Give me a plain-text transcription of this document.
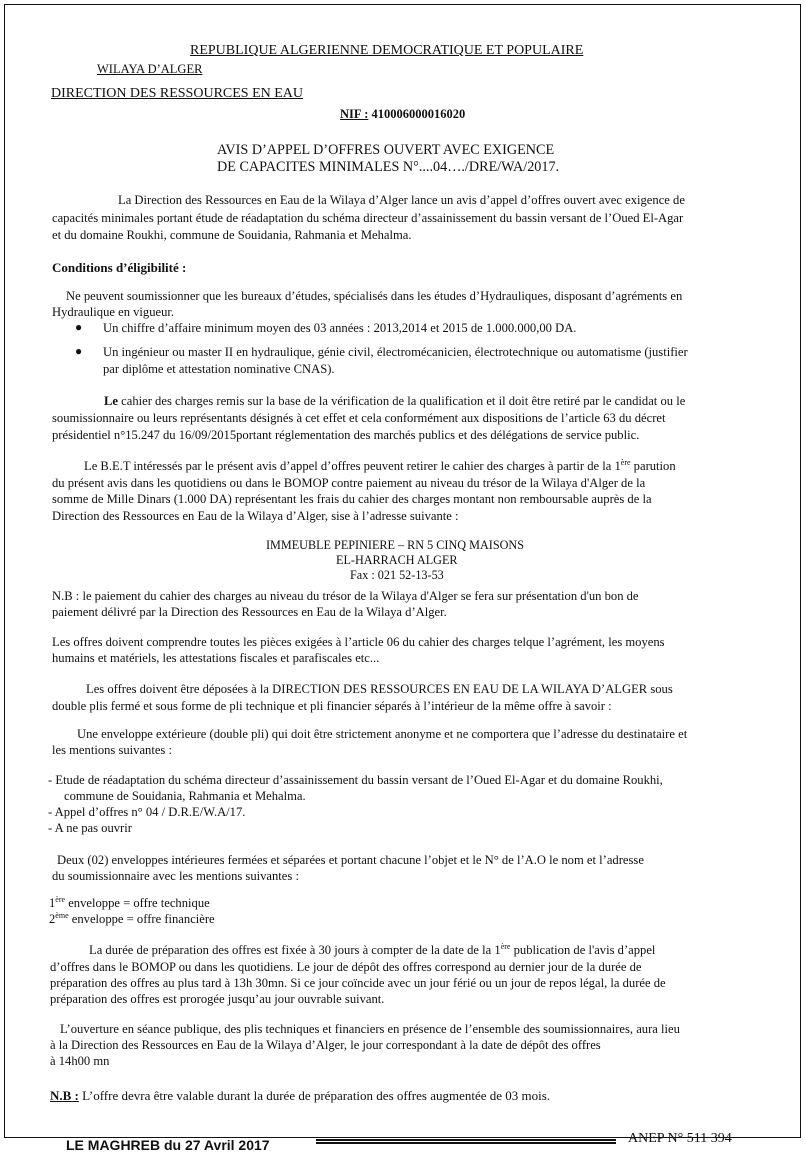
REPUBLIQUE ALGERIENNE DEMOCRATIQUE ET POPULAIRE
WILAYA D’ALGER
DIRECTION DES RESSOURCES EN EAU
NIF : 410006000016020
AVIS D’APPEL D’OFFRES OUVERT AVEC EXIGENCE
DE CAPACITES MINIMALES N°....04…./DRE/WA/2017.
La Direction des Ressources en Eau de la Wilaya d’Alger lance un avis d’appel d’offres ouvert avec exigence de
capacités minimales portant étude de réadaptation du schéma directeur d’assainissement du bassin versant de l’Oued El-Agar
et du domaine Roukhi, commune de Souidania, Rahmania et Mehalma.
Conditions d’éligibilité :
Ne peuvent soumissionner que les bureaux d’études, spécialisés dans les études d’Hydrauliques, disposant d’agréments en
Hydraulique en vigueur.
● Un chiffre d’affaire minimum moyen des 03 années : 2013,2014 et 2015 de 1.000.000,00 DA.
● Un ingénieur ou master II en hydraulique, génie civil, électromécanicien, électrotechnique ou automatisme (justifier
par diplôme et attestation nominative CNAS).
Le cahier des charges remis sur la base de la vérification de la qualification et il doit être retiré par le candidat ou le
soumissionnaire ou leurs représentants désignés à cet effet et cela conformément aux dispositions de l’article 63 du décret
présidentiel n°15.247 du 16/09/2015portant réglementation des marchés publics et des délégations de service public.
Le B.E.T intéressés par le présent avis d’appel d’offres peuvent retirer le cahier des charges à partir de la 1ère parution
du présent avis dans les quotidiens ou dans le BOMOP contre paiement au niveau du trésor de la Wilaya d'Alger de la
somme de Mille Dinars (1.000 DA) représentant les frais du cahier des charges montant non remboursable auprès de la
Direction des Ressources en Eau de la Wilaya d’Alger, sise à l’adresse suivante :
IMMEUBLE PEPINIERE – RN 5 CINQ MAISONS
EL-HARRACH ALGER
Fax : 021 52-13-53
N.B : le paiement du cahier des charges au niveau du trésor de la Wilaya d'Alger se fera sur présentation d'un bon de
paiement délivré par la Direction des Ressources en Eau de la Wilaya d’Alger.
Les offres doivent comprendre toutes les pièces exigées à l’article 06 du cahier des charges telque l’agrément, les moyens
humains et matériels, les attestations fiscales et parafiscales etc...
Les offres doivent être déposées à la DIRECTION DES RESSOURCES EN EAU DE LA WILAYA D’ALGER sous
double plis fermé et sous forme de pli technique et pli financier séparés à l’intérieur de la même offre à savoir :
Une enveloppe extérieure (double pli) qui doit être strictement anonyme et ne comportera que l’adresse du destinataire et
les mentions suivantes :
- Etude de réadaptation du schéma directeur d’assainissement du bassin versant de l’Oued El-Agar et du domaine Roukhi,
commune de Souidania, Rahmania et Mehalma.
- Appel d’offres n° 04 / D.R.E/W.A/17.
- A ne pas ouvrir
Deux (02) enveloppes intérieures fermées et séparées et portant chacune l’objet et le N° de l’A.O le nom et l’adresse
du soumissionnaire avec les mentions suivantes :
1ère enveloppe = offre technique
2ème enveloppe = offre financière
La durée de préparation des offres est fixée à 30 jours à compter de la date de la 1ère publication de l'avis d’appel
d’offres dans le BOMOP ou dans les quotidiens. Le jour de dépôt des offres correspond au dernier jour de la durée de
préparation des offres au plus tard à 13h 30mn. Si ce jour coïncide avec un jour férié ou un jour de repos légal, la durée de
préparation des offres est prorogée jusqu’au jour ouvrable suivant.
L’ouverture en séance publique, des plis techniques et financiers en présence de l’ensemble des soumissionnaires, aura lieu
à la Direction des Ressources en Eau de la Wilaya d’Alger, le jour correspondant à la date de dépôt des offres
à 14h00 mn
N.B : L’offre devra être valable durant la durée de préparation des offres augmentée de 03 mois.
LE MAGHREB du 27 Avril 2017	ANEP N° 511 394
